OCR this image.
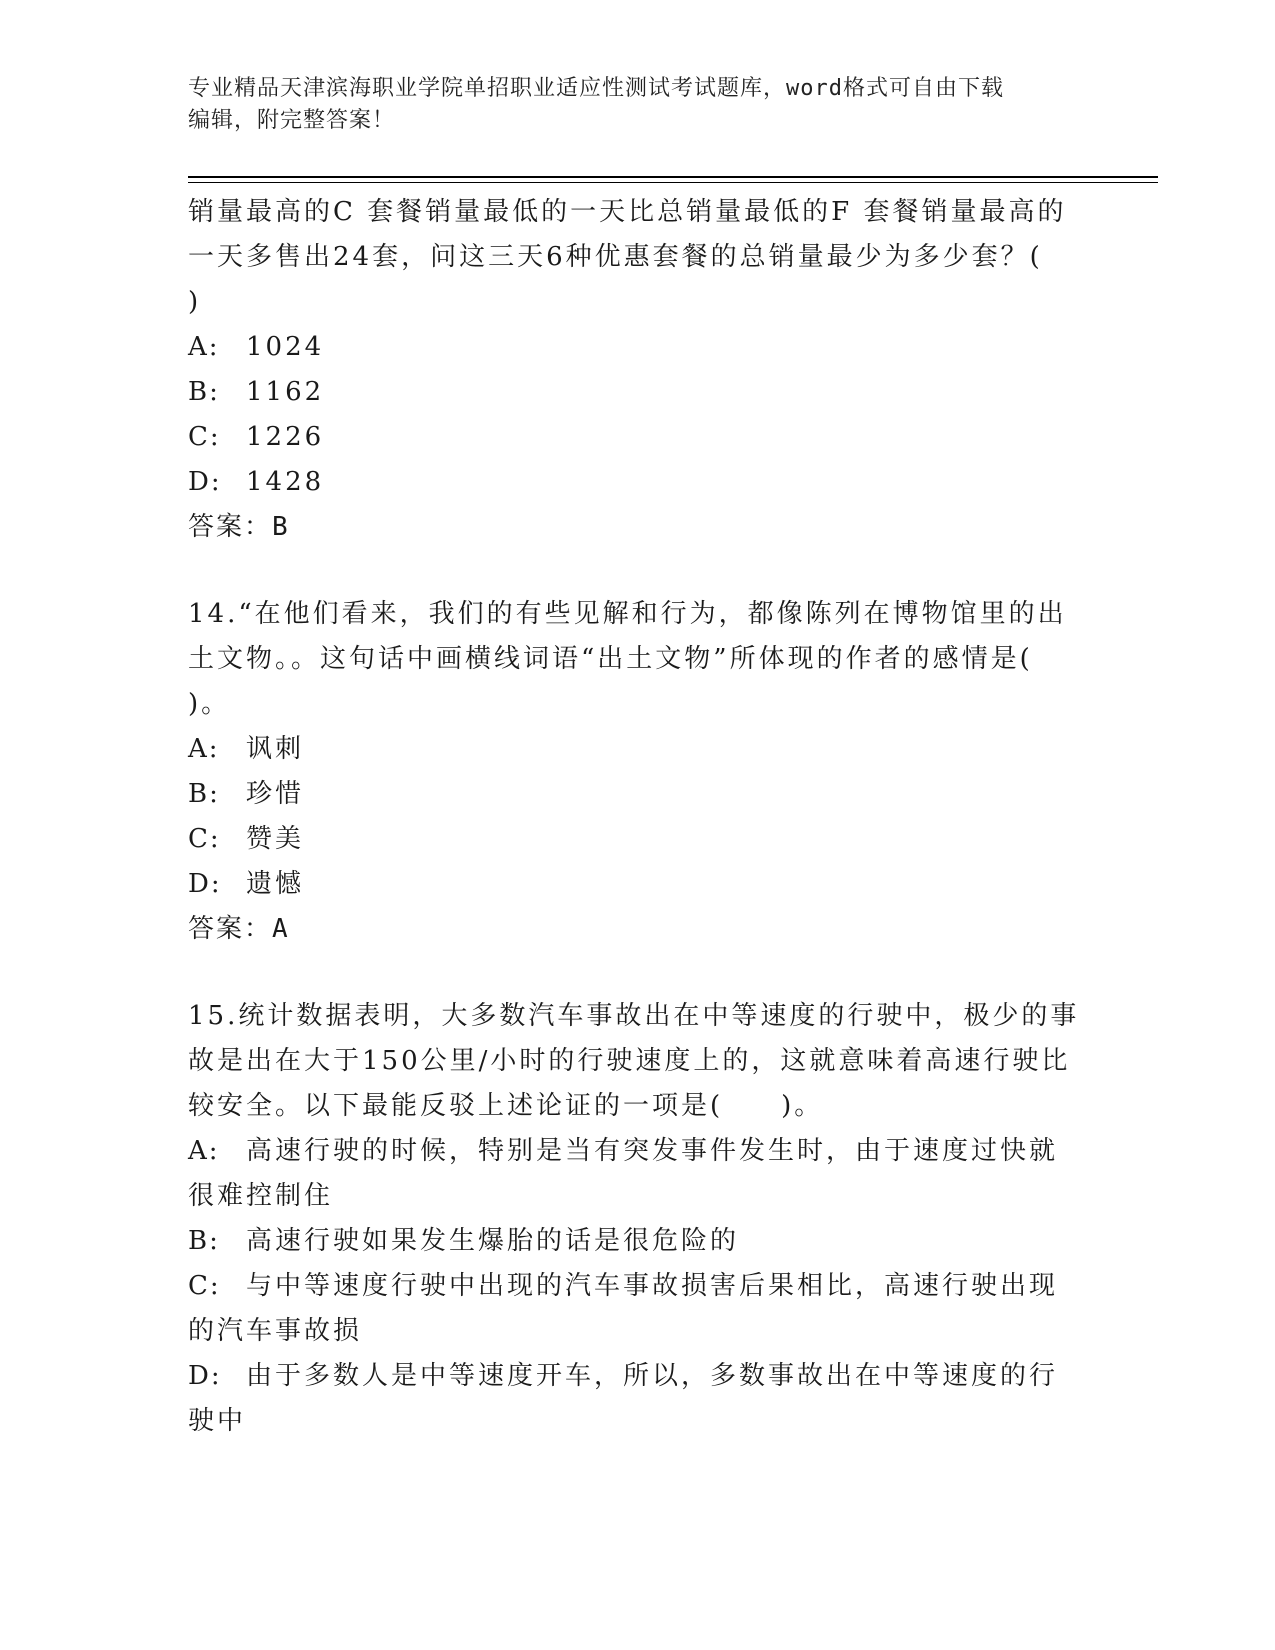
专业精品天津滨海职业学院单招职业适应性测试考试题库，word格式可自由下载
编辑，附完整答案！

销量最高的C 套餐销量最低的一天比总销量最低的F 套餐销量最高的

一天多售出24套，问这三天6种优惠套餐的总销量最少为多少套？(

)

A:	1024
B:	1162
C: 1226
D: 1428

答案：B

14.“在他们看来，我们的有些见解和行为，都像陈列在博物馆里的出

土文物。。这句话中画横线词语“出土文物”所体现的作者的感情是(

)。

A:	讽刺
B:	珍惜
C: 赞美
D: 遗憾

答案：A

15.统计数据表明，大多数汽车事故出在中等速度的行驶中，极少的事

故是出在大于150公里/小时的行驶速度上的，这就意味着高速行驶比

较安全。以下最能反驳上述论证的一项是(　　)。

A:	高速行驶的时候，特别是当有突发事件发生时，由于速度过快就

很难控制住

B:	高速行驶如果发生爆胎的话是很危险的
C: 与中等速度行驶中出现的汽车事故损害后果相比，高速行驶出现

的汽车事故损

D: 由于多数人是中等速度开车，所以，多数事故出在中等速度的行

驶中
